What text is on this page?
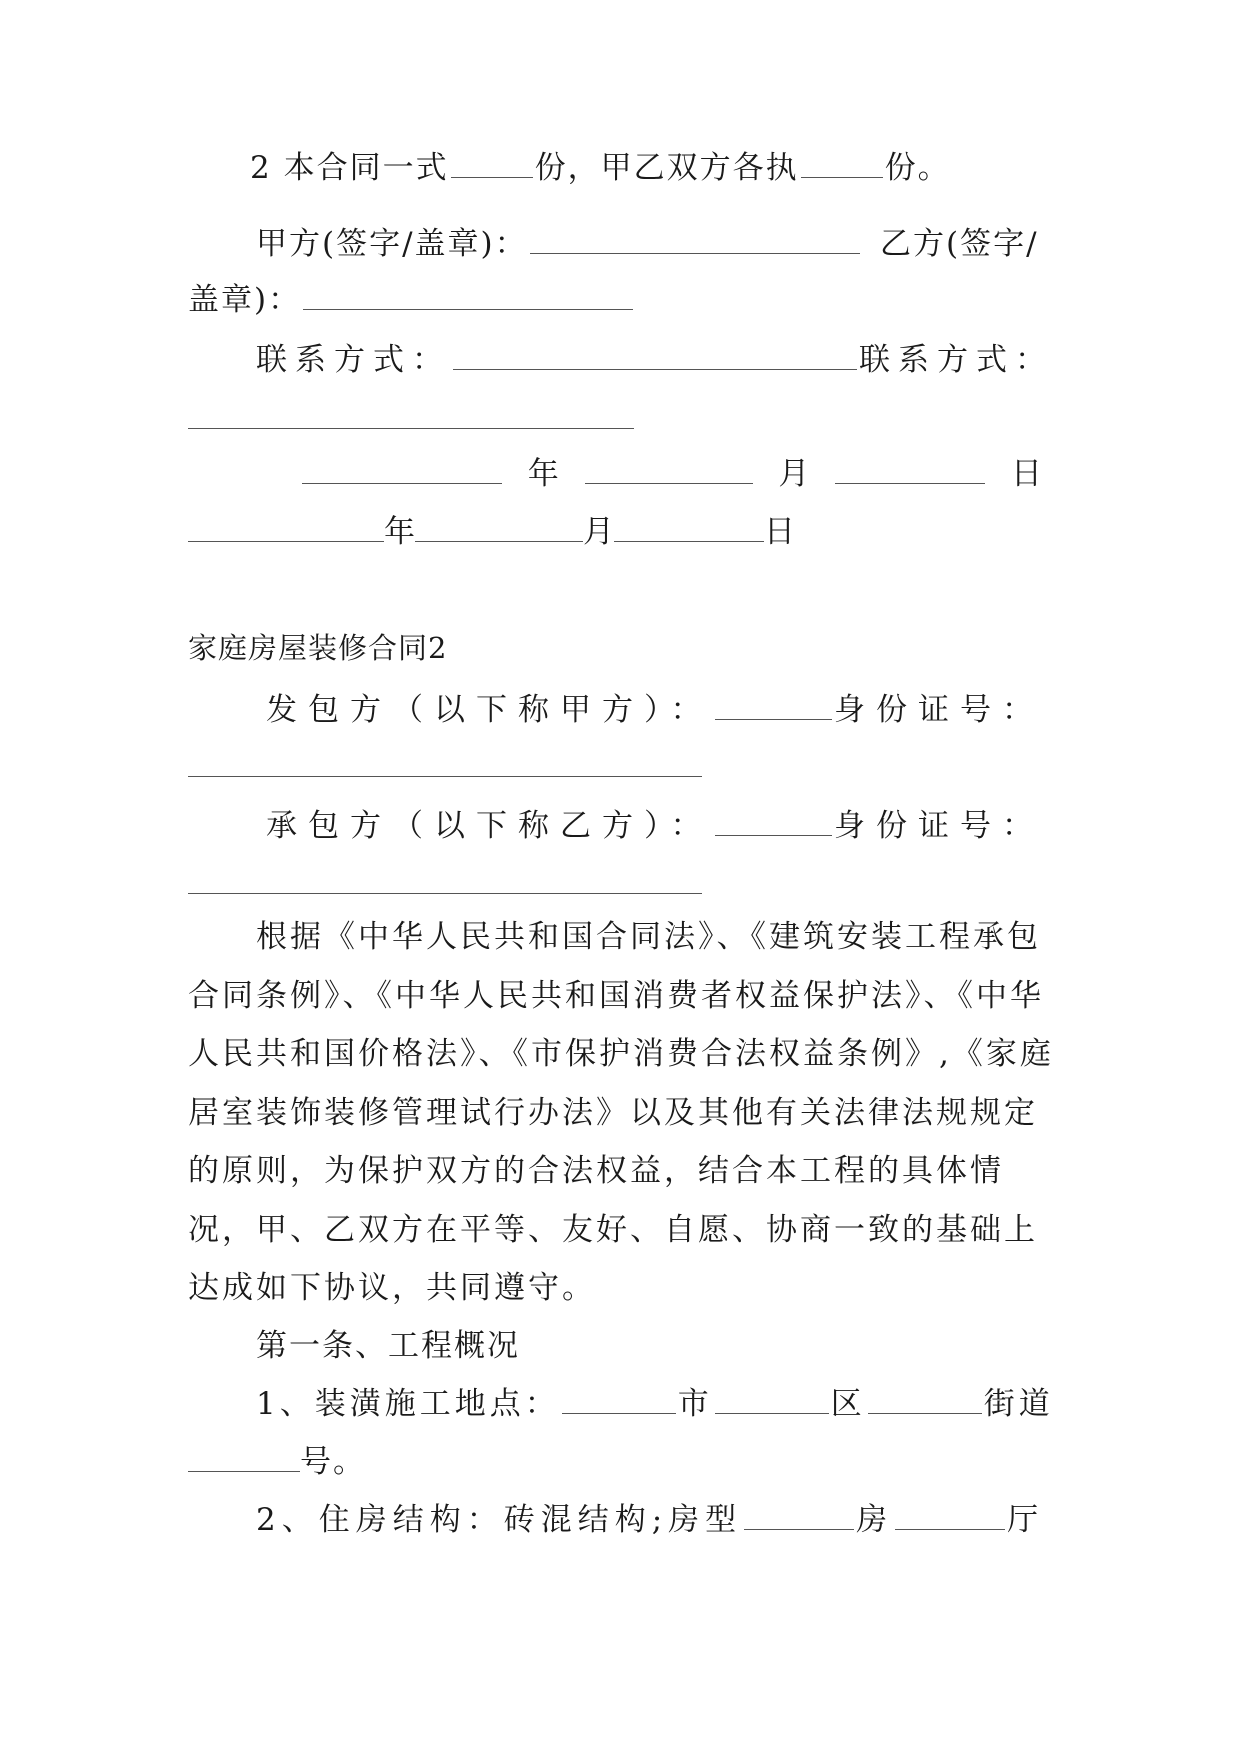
2 本合同一式	份，甲乙双方各执	份。
甲方(签字/盖章)：	乙方(签字/
盖章)：
联系方式：	联系方式：
年	月	日
年	月	日
家庭房屋装修合同2
发包方（以下称甲方）：	身份证号：
承包方（以下称乙方）：	身份证号：
根据《中华人民共和国合同法》、《建筑安装工程承包合同条例》、《中华人民共和国消费者权益保护法》、《中华人民共和国价格法》、《市保护消费合法权益条例》,《家庭居室装饰装修管理试行办法》以及其他有关法律法规规定的原则，为保护双方的合法权益，结合本工程的具体情况，甲、乙双方在平等、友好、自愿、协商一致的基础上达成如下协议，共同遵守。
第一条、工程概况
1、装潢施工地点：	市	区	街道
号。
2、住房结构：砖混结构;房型	房	厅
